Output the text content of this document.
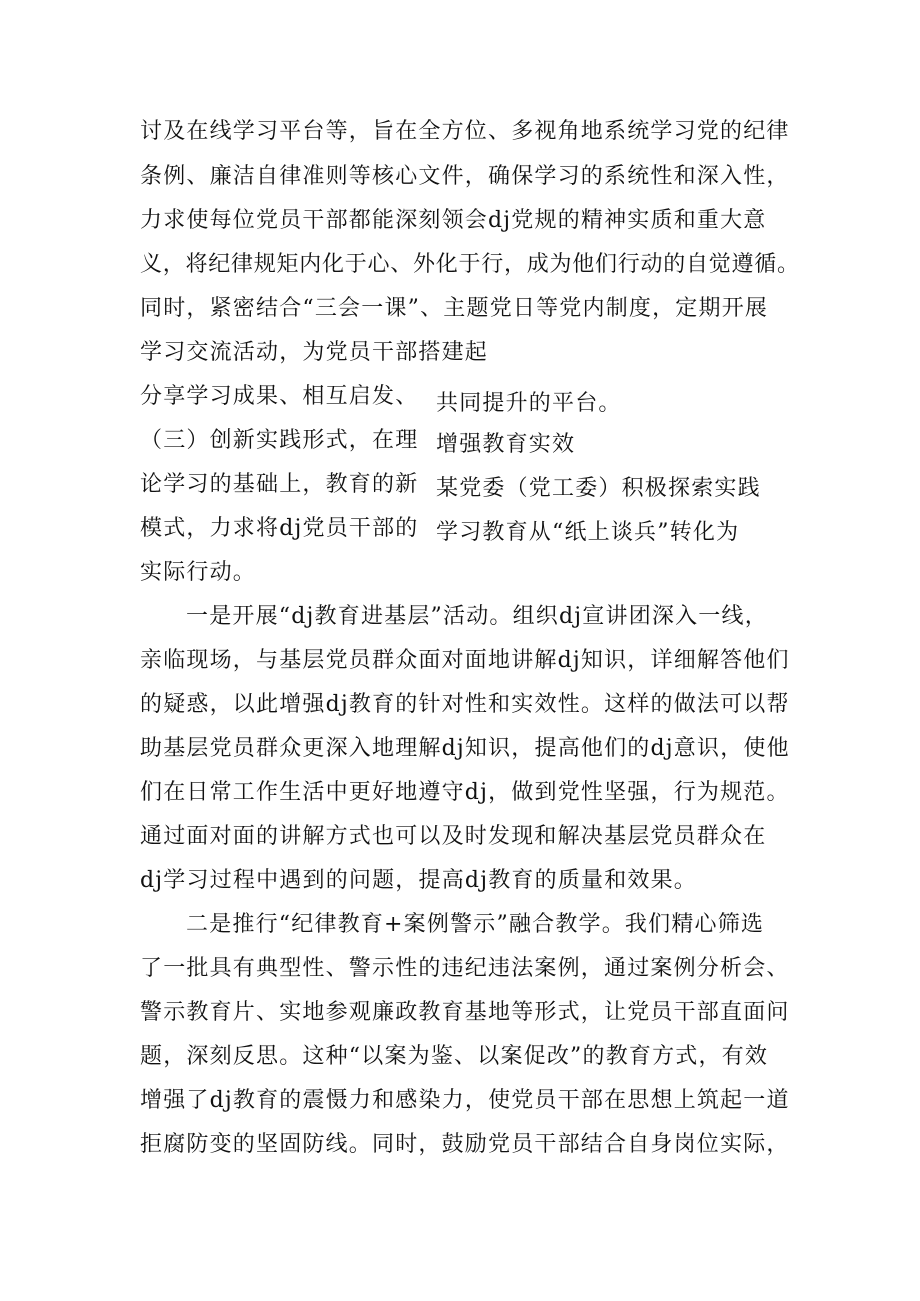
讨及在线学习平台等，旨在全方位、多视角地系统学习党的纪律
条例、廉洁自律准则等核心文件，确保学习的系统性和深入性，
力求使每位党员干部都能深刻领会dj党规的精神实质和重大意
义，将纪律规矩内化于心、外化于行，成为他们行动的自觉遵循。
同时，紧密结合“三会一课”、主题党日等党内制度，定期开展
学习交流活动，为党员干部搭建起
分享学习成果、相互启发、 共同提升的平台。
（三）创新实践形式，在理 增强教育实效
论学习的基础上，教育的新 某党委（党工委）积极探索实践
模式，力求将dj党员干部的 学习教育从“纸上谈兵”转化为
实际行动。
一是开展“dj教育进基层”活动。组织dj宣讲团深入一线，
亲临现场，与基层党员群众面对面地讲解dj知识，详细解答他们
的疑惑，以此增强dj教育的针对性和实效性。这样的做法可以帮
助基层党员群众更深入地理解dj知识，提高他们的dj意识，使他
们在日常工作生活中更好地遵守dj，做到党性坚强，行为规范。
通过面对面的讲解方式也可以及时发现和解决基层党员群众在
dj学习过程中遇到的问题，提高dj教育的质量和效果。
二是推行“纪律教育+案例警示”融合教学。我们精心筛选
了一批具有典型性、警示性的违纪违法案例，通过案例分析会、
警示教育片、实地参观廉政教育基地等形式，让党员干部直面问
题，深刻反思。这种“以案为鉴、以案促改”的教育方式，有效
增强了dj教育的震慑力和感染力，使党员干部在思想上筑起一道
拒腐防变的坚固防线。同时，鼓励党员干部结合自身岗位实际，
